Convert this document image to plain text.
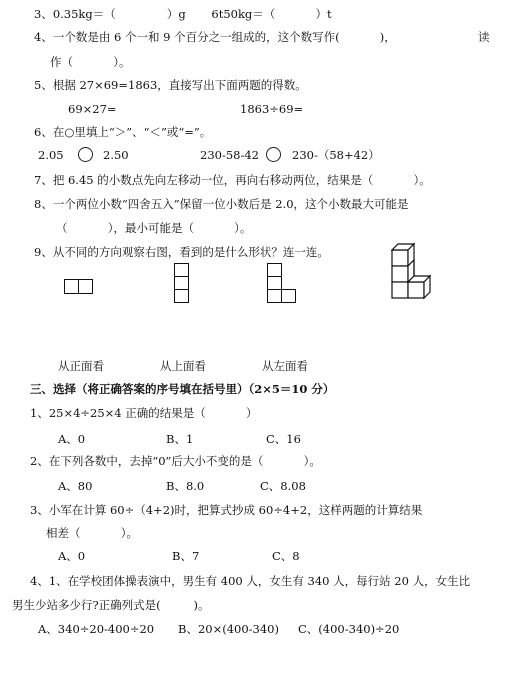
3、0.35kg＝（              ）g       6t50kg＝（           ）t
4、一个数是由 6 个一和 9 个百分之一组成的，这个数写作(           )，	读
作（           ）。
5、根据 27×69=1863，直接写出下面两题的得数。
69×27=	1863÷69=
6、在○里填上“＞”、“＜”或“=”。
2.05	2.50	230-58-42	230-（58+42）
7、把 6.45 的小数点先向左移动一位，再向右移动两位，结果是（           ）。
8、一个两位小数“四舍五入”保留一位小数后是 2.0，这个小数最大可能是
（           ），最小可能是（           ）。
9、从不同的方向观察右图，看到的是什么形状？连一连。
从正面看	从上面看	从左面看
三、选择（将正确答案的序号填在括号里）（2×5＝10 分）
1、25×4÷25×4 正确的结果是（           ）
A、0	B、1	C、16
2、在下列各数中，去掉“0”后大小不变的是（           ）。
A、80	B、8.0	C、8.08
3、小军在计算 60÷（4+2)时，把算式抄成 60÷4+2，这样两题的计算结果
相差（           ）。
A、0	B、7	C、8
4、1、在学校团体操表演中，男生有 400 人，女生有 340 人，每行站 20 人，女生比
男生少站多少行?正确列式是(         )。
A、340÷20-400÷20 B、20×(400-340) C、(400-340)÷20
